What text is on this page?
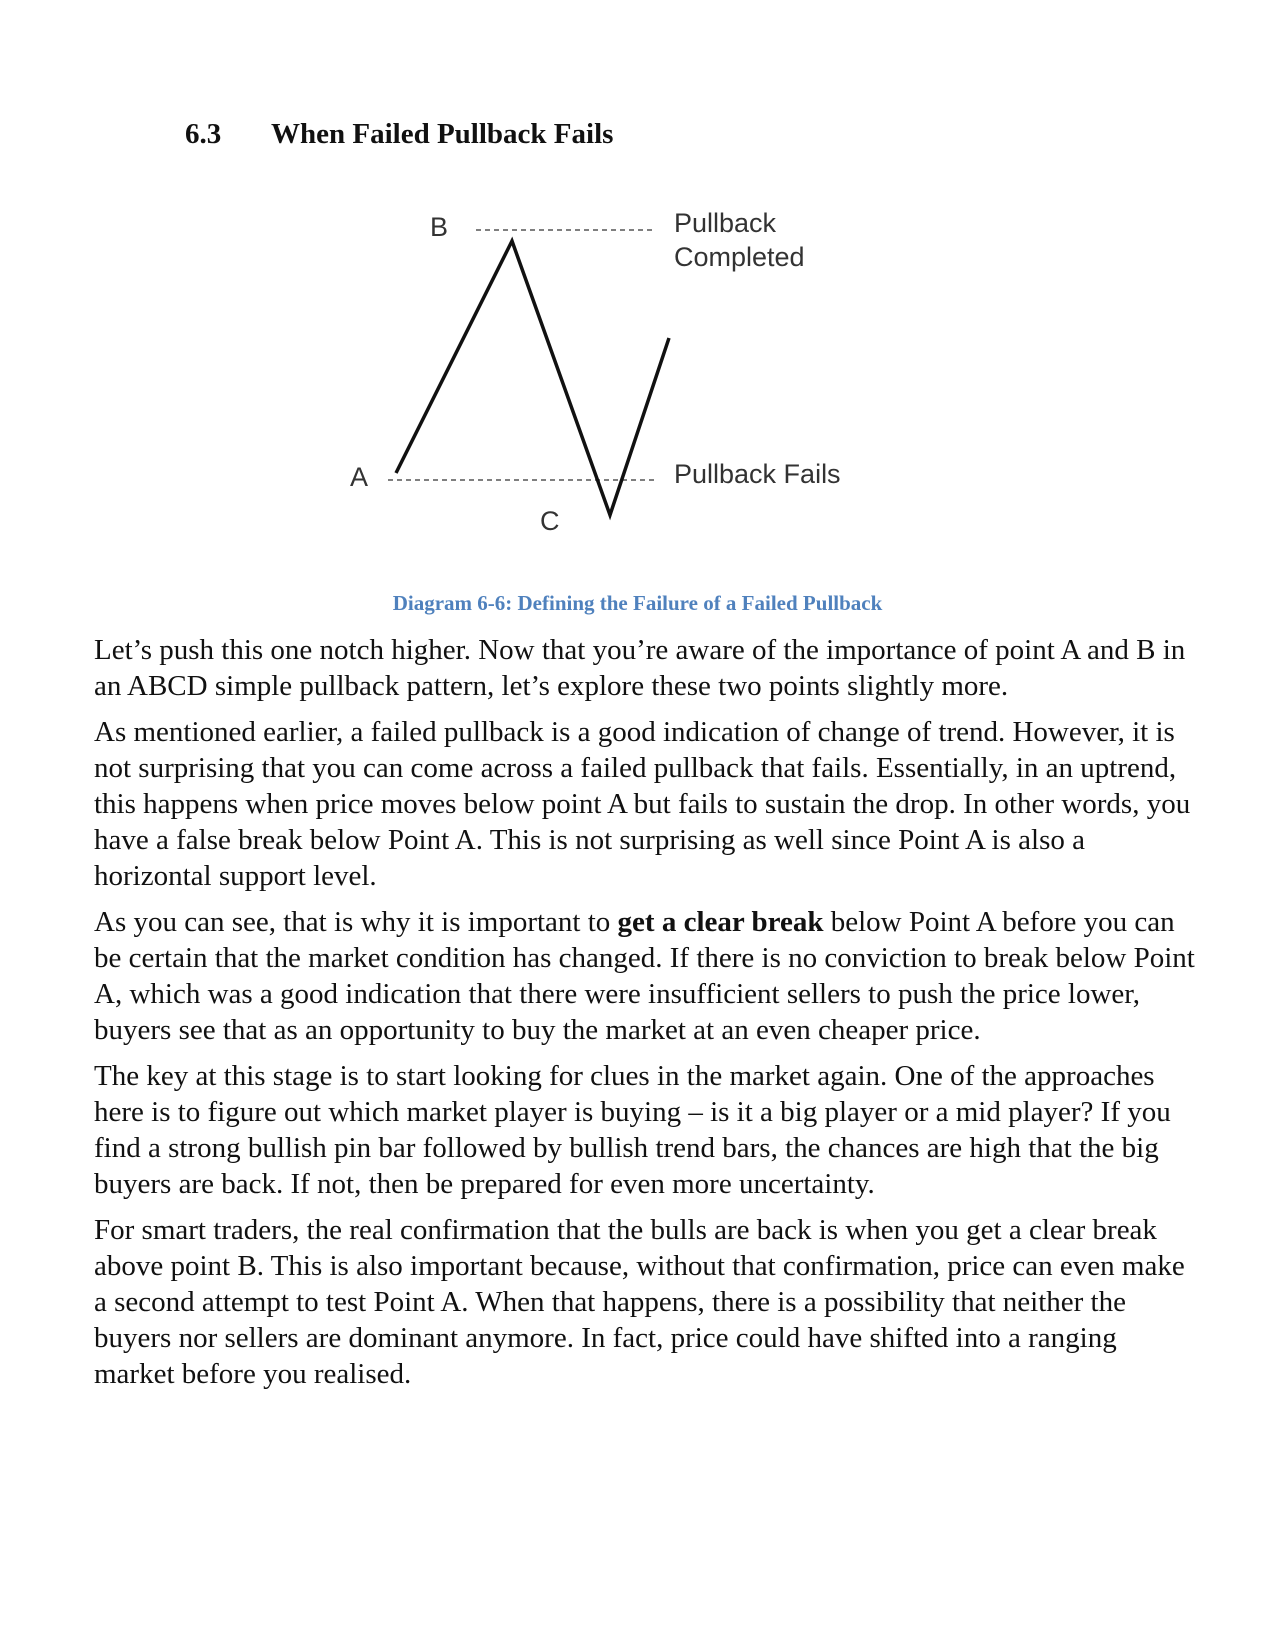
6.3 When Failed Pullback Fails
B
A
C
Pullback
Completed
Pullback Fails
Diagram 6-6: Defining the Failure of a Failed Pullback

Let’s push this one notch higher. Now that you’re aware of the importance of point A and B in an ABCD simple pullback pattern, let’s explore these two points slightly more.

As mentioned earlier, a failed pullback is a good indication of change of trend. However, it is not surprising that you can come across a failed pullback that fails. Essentially, in an uptrend, this happens when price moves below point A but fails to sustain the drop. In other words, you have a false break below Point A. This is not surprising as well since Point A is also a horizontal support level.

As you can see, that is why it is important to get a clear break below Point A before you can be certain that the market condition has changed. If there is no conviction to break below Point A, which was a good indication that there were insufficient sellers to push the price lower, buyers see that as an opportunity to buy the market at an even cheaper price.

The key at this stage is to start looking for clues in the market again. One of the approaches here is to figure out which market player is buying – is it a big player or a mid player? If you find a strong bullish pin bar followed by bullish trend bars, the chances are high that the big buyers are back. If not, then be prepared for even more uncertainty.

For smart traders, the real confirmation that the bulls are back is when you get a clear break above point B. This is also important because, without that confirmation, price can even make a second attempt to test Point A. When that happens, there is a possibility that neither the buyers nor sellers are dominant anymore. In fact, price could have shifted into a ranging market before you realised.
